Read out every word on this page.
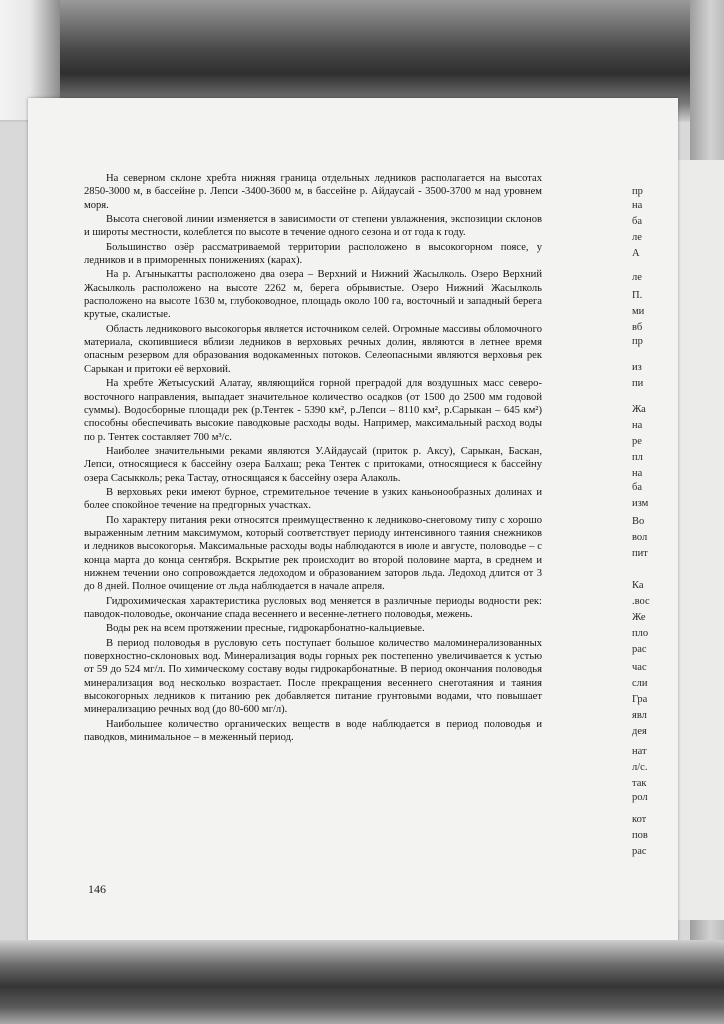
На северном склоне хребта нижняя граница отдельных ледников располагается на высотах 2850-3000 м, в бассейне р. Лепси -3400-3600 м, в бассейне р. Айдаусай - 3500-3700 м над уровнем моря.

Высота снеговой линии изменяется в зависимости от степени увлажнения, экспозиции склонов и широты местности, колеблется по высоте в течение одного сезона и от года к году.

Большинство озёр рассматриваемой территории расположено в высокогорном поясе, у ледников и в приморенных понижениях (карах).

На р. Агыныкатты расположено два озера – Верхний и Нижний Жасылколь. Озеро Верхний Жасылколь расположено на высоте 2262 м, берега обрывистые. Озеро Нижний Жасылколь расположено на высоте 1630 м, глубоководное, площадь около 100 га, восточный и западный берега крутые, скалистые.

Область ледникового высокогорья является источником селей. Огромные массивы обломочного материала, скопившиеся вблизи ледников в верховьях речных долин, являются в летнее время опасным резервом для образования водокаменных потоков. Селеопасными являются верховья рек Сарыкан и притоки её верховий.

На хребте Жетысуский Алатау, являющийся горной преградой для воздушных масс северо-восточного направления, выпадает значительное количество осадков (от 1500 до 2500 мм годовой суммы). Водосборные площади рек (р.Тентек - 5390 км², р.Лепси – 8110 км², р.Сарыкан – 645 км²) способны обеспечивать высокие паводковые расходы воды. Например, максимальный расход воды по р. Тентек составляет 700 м³/с.

Наиболее значительными реками являются У.Айдаусай (приток р. Аксу), Сарыкан, Баскан, Лепси, относящиеся к бассейну озера Балхаш; река Тентек с притоками, относящиеся к бассейну озера Сасыкколь; река Тастау, относящаяся к бассейну озера Алаколь.

В верховьях реки имеют бурное, стремительное течение в узких каньонообразных долинах и более спокойное течение на предгорных участках.

По характеру питания реки относятся преимущественно к ледниково-снеговому типу с хорошо выраженным летним максимумом, который соответствует периоду интенсивного таяния снежников и ледников высокогорья. Максимальные расходы воды наблюдаются в июле и августе, половодье – с конца марта до конца сентября. Вскрытие рек происходит во второй половине марта, в среднем и нижнем течении оно сопровождается ледоходом и образованием заторов льда. Ледоход длится от 3 до 8 дней. Полное очищение от льда наблюдается в начале апреля.

Гидрохимическая характеристика русловых вод меняется в различные периоды водности рек: паводок-половодье, окончание спада весеннего и весенне-летнего половодья, межень.

Воды рек на всем протяжении пресные, гидрокарбонатно-кальциевые.

В период половодья в русловую сеть поступает большое количество маломинерализованных поверхностно-склоновых вод. Минерализация воды горных рек постепенно увеличивается к устью от 59 до 524 мг/л. По химическому составу воды гидрокарбонатные. В период окончания половодья минерализация вод несколько возрастает. После прекращения весеннего снеготаяния и таяния высокогорных ледников к питанию рек добавляется питание грунтовыми водами, что повышает минерализацию речных вод (до 80-600 мг/л).

Наибольшее количество органических веществ в воде наблюдается в период половодья и паводков, минимальное – в меженный период.

146
пр
на
ба
ле
А
ле
П.
ми
вб
пр
из
пи
Жа
на
ре
пл
на
ба
изм
Во
вол
пит
Ка
.вос
Же
пло
рас
час
сли
Гра
явл
дея
нат
л/с.
так
рол
кот
пов
рас
